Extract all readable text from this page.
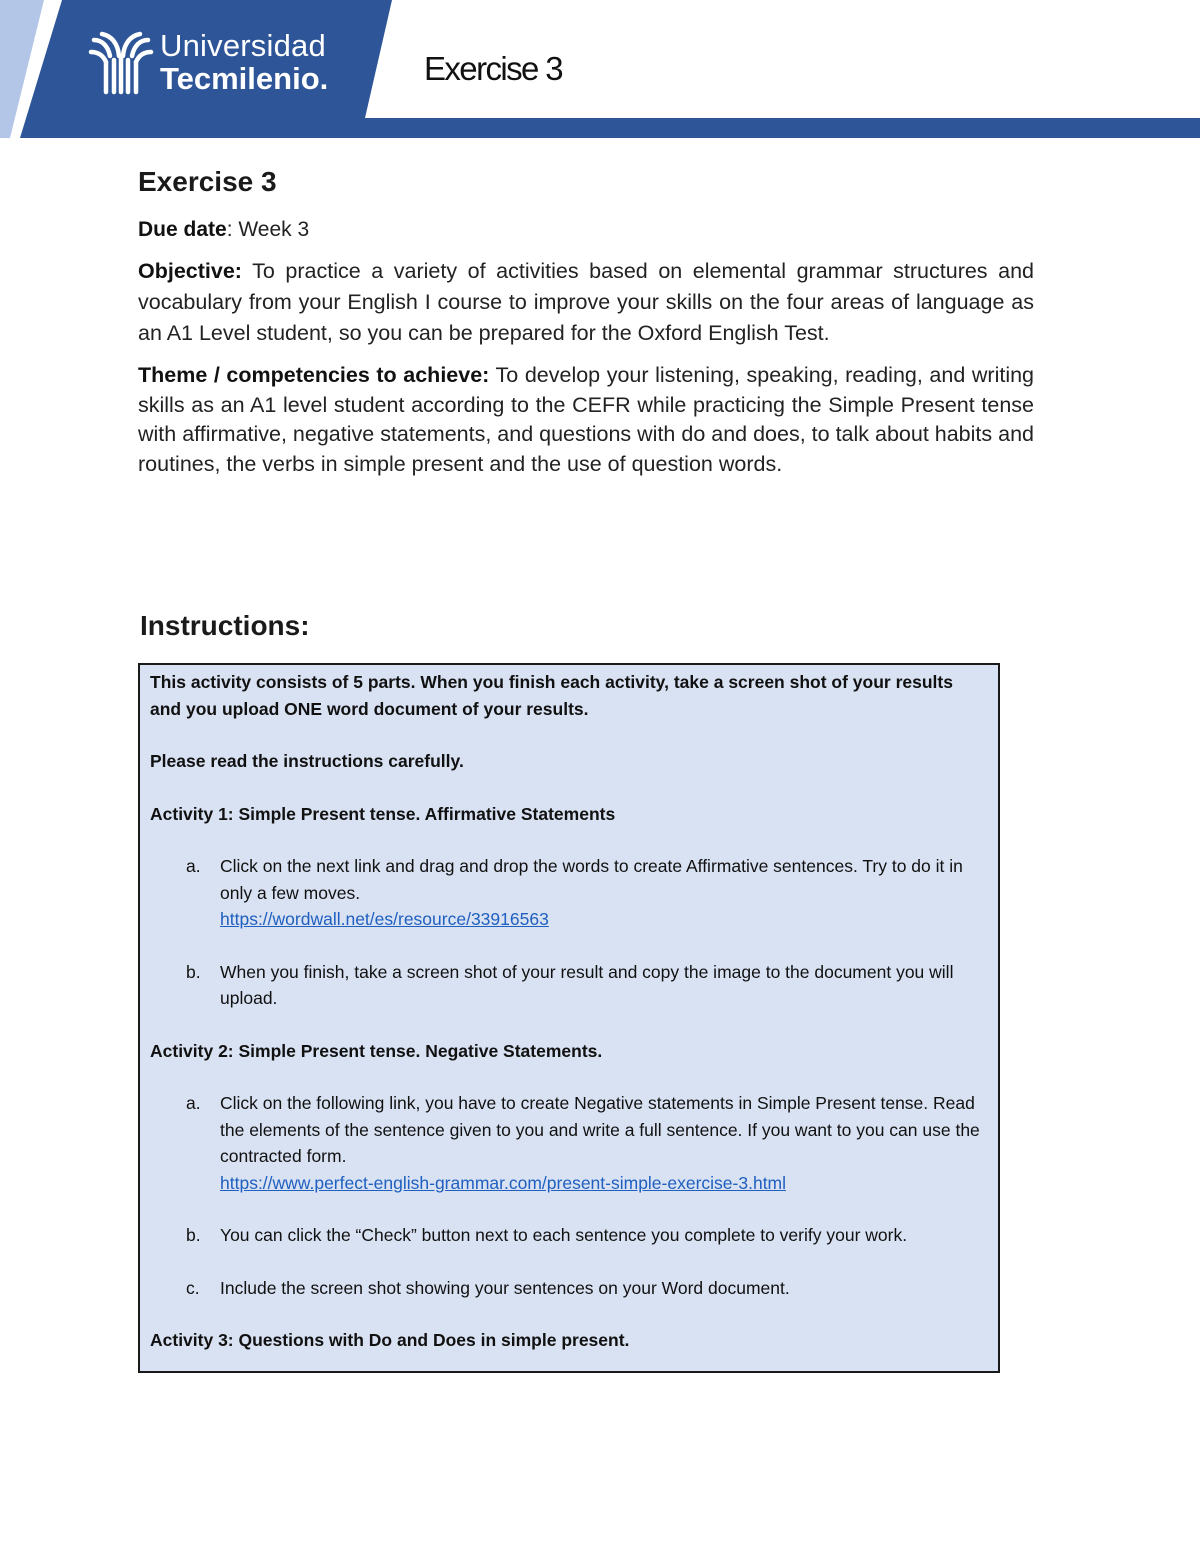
Universidad
Tecmilenio.	Exercise 3
Exercise 3
Due date: Week 3

Objective: To practice a variety of activities based on elemental grammar structures and vocabulary from your English I course to improve your skills on the four areas of language as an A1 Level student, so you can be prepared for the Oxford English Test.

Theme / competencies to achieve: To develop your listening, speaking, reading, and writing skills as an A1 level student according to the CEFR while practicing the Simple Present tense with affirmative, negative statements, and questions with do and does, to talk about habits and routines, the verbs in simple present and the use of question words.

Instructions:

This activity consists of 5 parts. When you finish each activity, take a screen shot of your results and you upload ONE word document of your results.

Please read the instructions carefully.

Activity 1: Simple Present tense. Affirmative Statements

a.	Click on the next link and drag and drop the words to create Affirmative sentences. Try to do it in only a few moves.
https://wordwall.net/es/resource/33916563
b.	When you finish, take a screen shot of your result and copy the image to the document you will upload.

Activity 2: Simple Present tense. Negative Statements.

a.	Click on the following link, you have to create Negative statements in Simple Present tense. Read the elements of the sentence given to you and write a full sentence. If you want to you can use the contracted form.
https://www.perfect-english-grammar.com/present-simple-exercise-3.html
b.	You can click the “Check” button next to each sentence you complete to verify your work.
c.	Include the screen shot showing your sentences on your Word document.

Activity 3: Questions with Do and Does in simple present.
